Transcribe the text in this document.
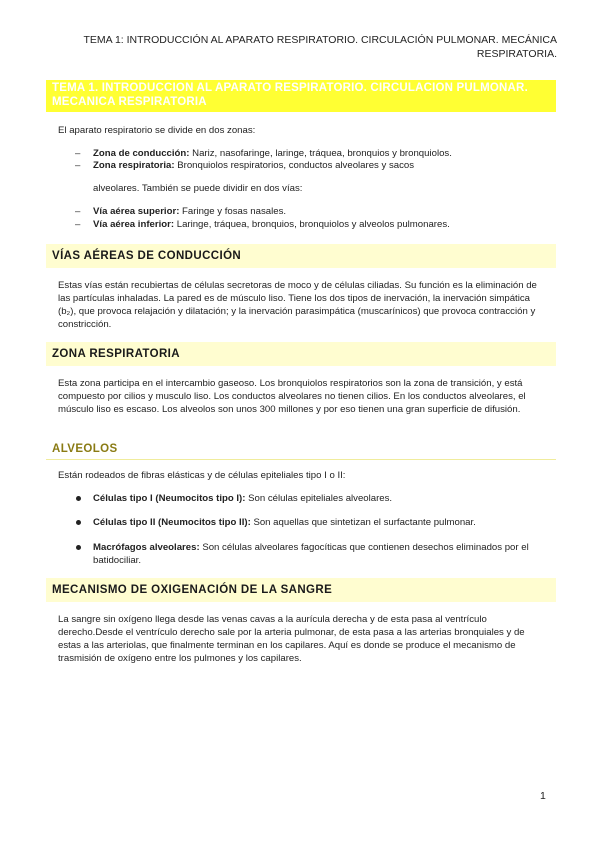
TEMA 1: INTRODUCCIÓN AL APARATO RESPIRATORIO. CIRCULACIÓN PULMONAR. MECÁNICA RESPIRATORIA.
TEMA 1. INTRODUCCION AL APARATO RESPIRATORIO. CIRCULACION PULMONAR. MECANICA RESPIRATORIA
El aparato respiratorio se divide en dos zonas:
– Zona de conducción: Nariz, nasofaringe, laringe, tráquea, bronquios y bronquiolos.
– Zona respiratoria: Bronquiolos respiratorios, conductos alveolares y sacos
alveolares. También se puede dividir en dos vías:
– Vía aérea superior: Faringe y fosas nasales.
– Vía aérea inferior: Laringe, tráquea, bronquios, bronquiolos y alveolos pulmonares.
VÍAS AÉREAS DE CONDUCCIÓN
Estas vías están recubiertas de células secretoras de moco y de células ciliadas. Su función es la eliminación de las partículas inhaladas. La pared es de músculo liso. Tiene los dos tipos de inervación, la inervación simpática (b₂), que provoca relajación y dilatación; y la inervación parasimpática (muscarínicos) que provoca contracción y constricción.
ZONA RESPIRATORIA
Esta zona participa en el intercambio gaseoso. Los bronquiolos respiratorios son la zona de transición, y está compuesto por cilios y musculo liso. Los conductos alveolares no tienen cilios. En los conductos alveolares, el músculo liso es escaso. Los alveolos son unos 300 millones y por eso tienen una gran superficie de difusión.
ALVEOLOS
Están rodeados de fibras elásticas y de células epiteliales tipo I o II:
Células tipo I (Neumocitos tipo I): Son células epiteliales alveolares.
Células tipo II (Neumocitos tipo II): Son aquellas que sintetizan el surfactante pulmonar.
Macrófagos alveolares: Son células alveolares fagocíticas que contienen desechos eliminados por el batidociliar.
MECANISMO DE OXIGENACIÓN DE LA SANGRE
La sangre sin oxígeno llega desde las venas cavas a la aurícula derecha y de esta pasa al ventrículo derecho.Desde el ventrículo derecho sale por la arteria pulmonar, de esta pasa a las arterias bronquiales y de estas a las arteriolas, que finalmente terminan en los capilares. Aquí es donde se produce el mecanismo de trasmisión de oxígeno entre los pulmones y los capilares.
1
